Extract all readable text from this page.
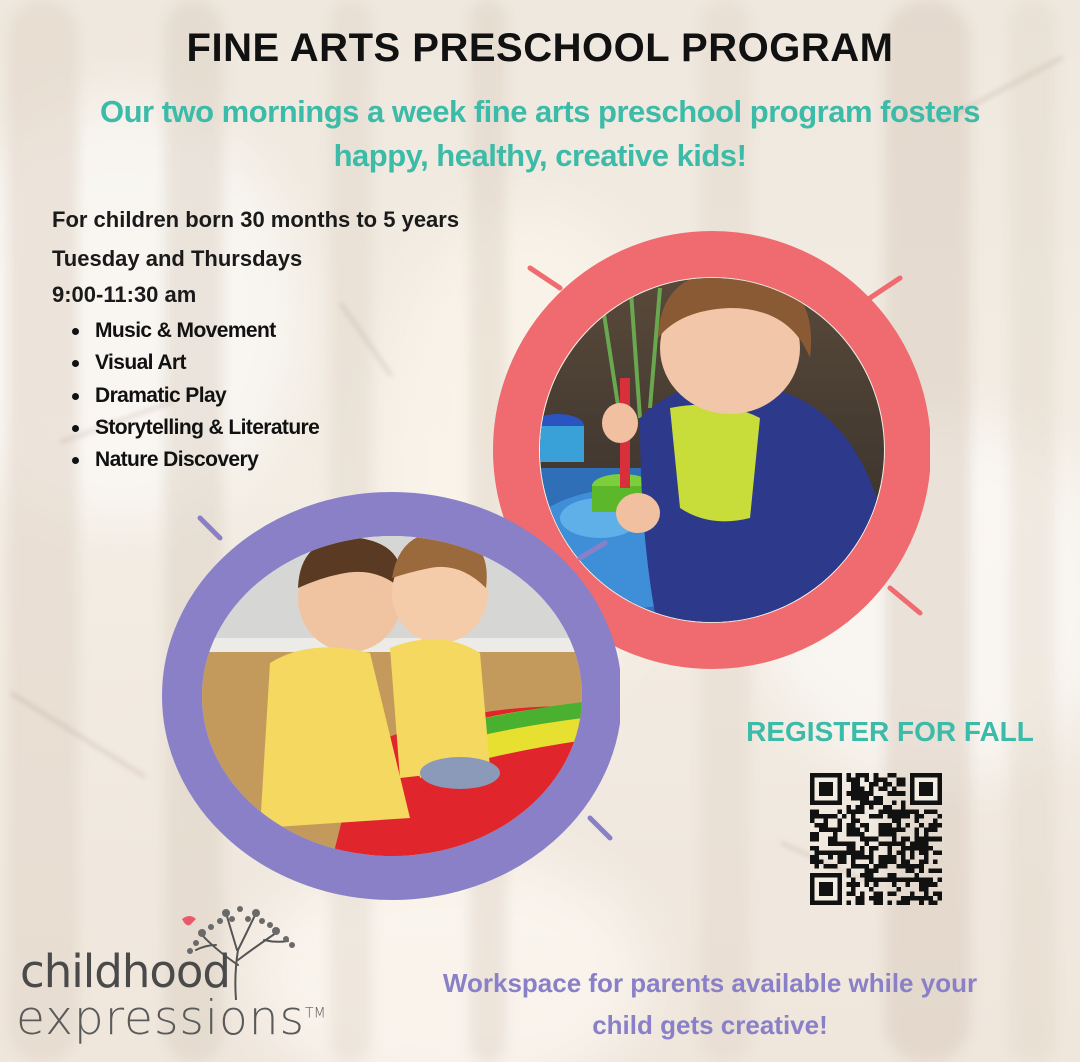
FINE ARTS PRESCHOOL PROGRAM
Our two mornings a week fine arts preschool program fosters
happy, healthy, creative kids!
For children born 30 months to 5 years
Tuesday and Thursdays
9:00-11:30 am
Music & Movement
Visual Art
Dramatic Play
Storytelling & Literature
Nature Discovery
REGISTER FOR FALL
childhood
expressions™
Workspace for parents available while your
child gets creative!
